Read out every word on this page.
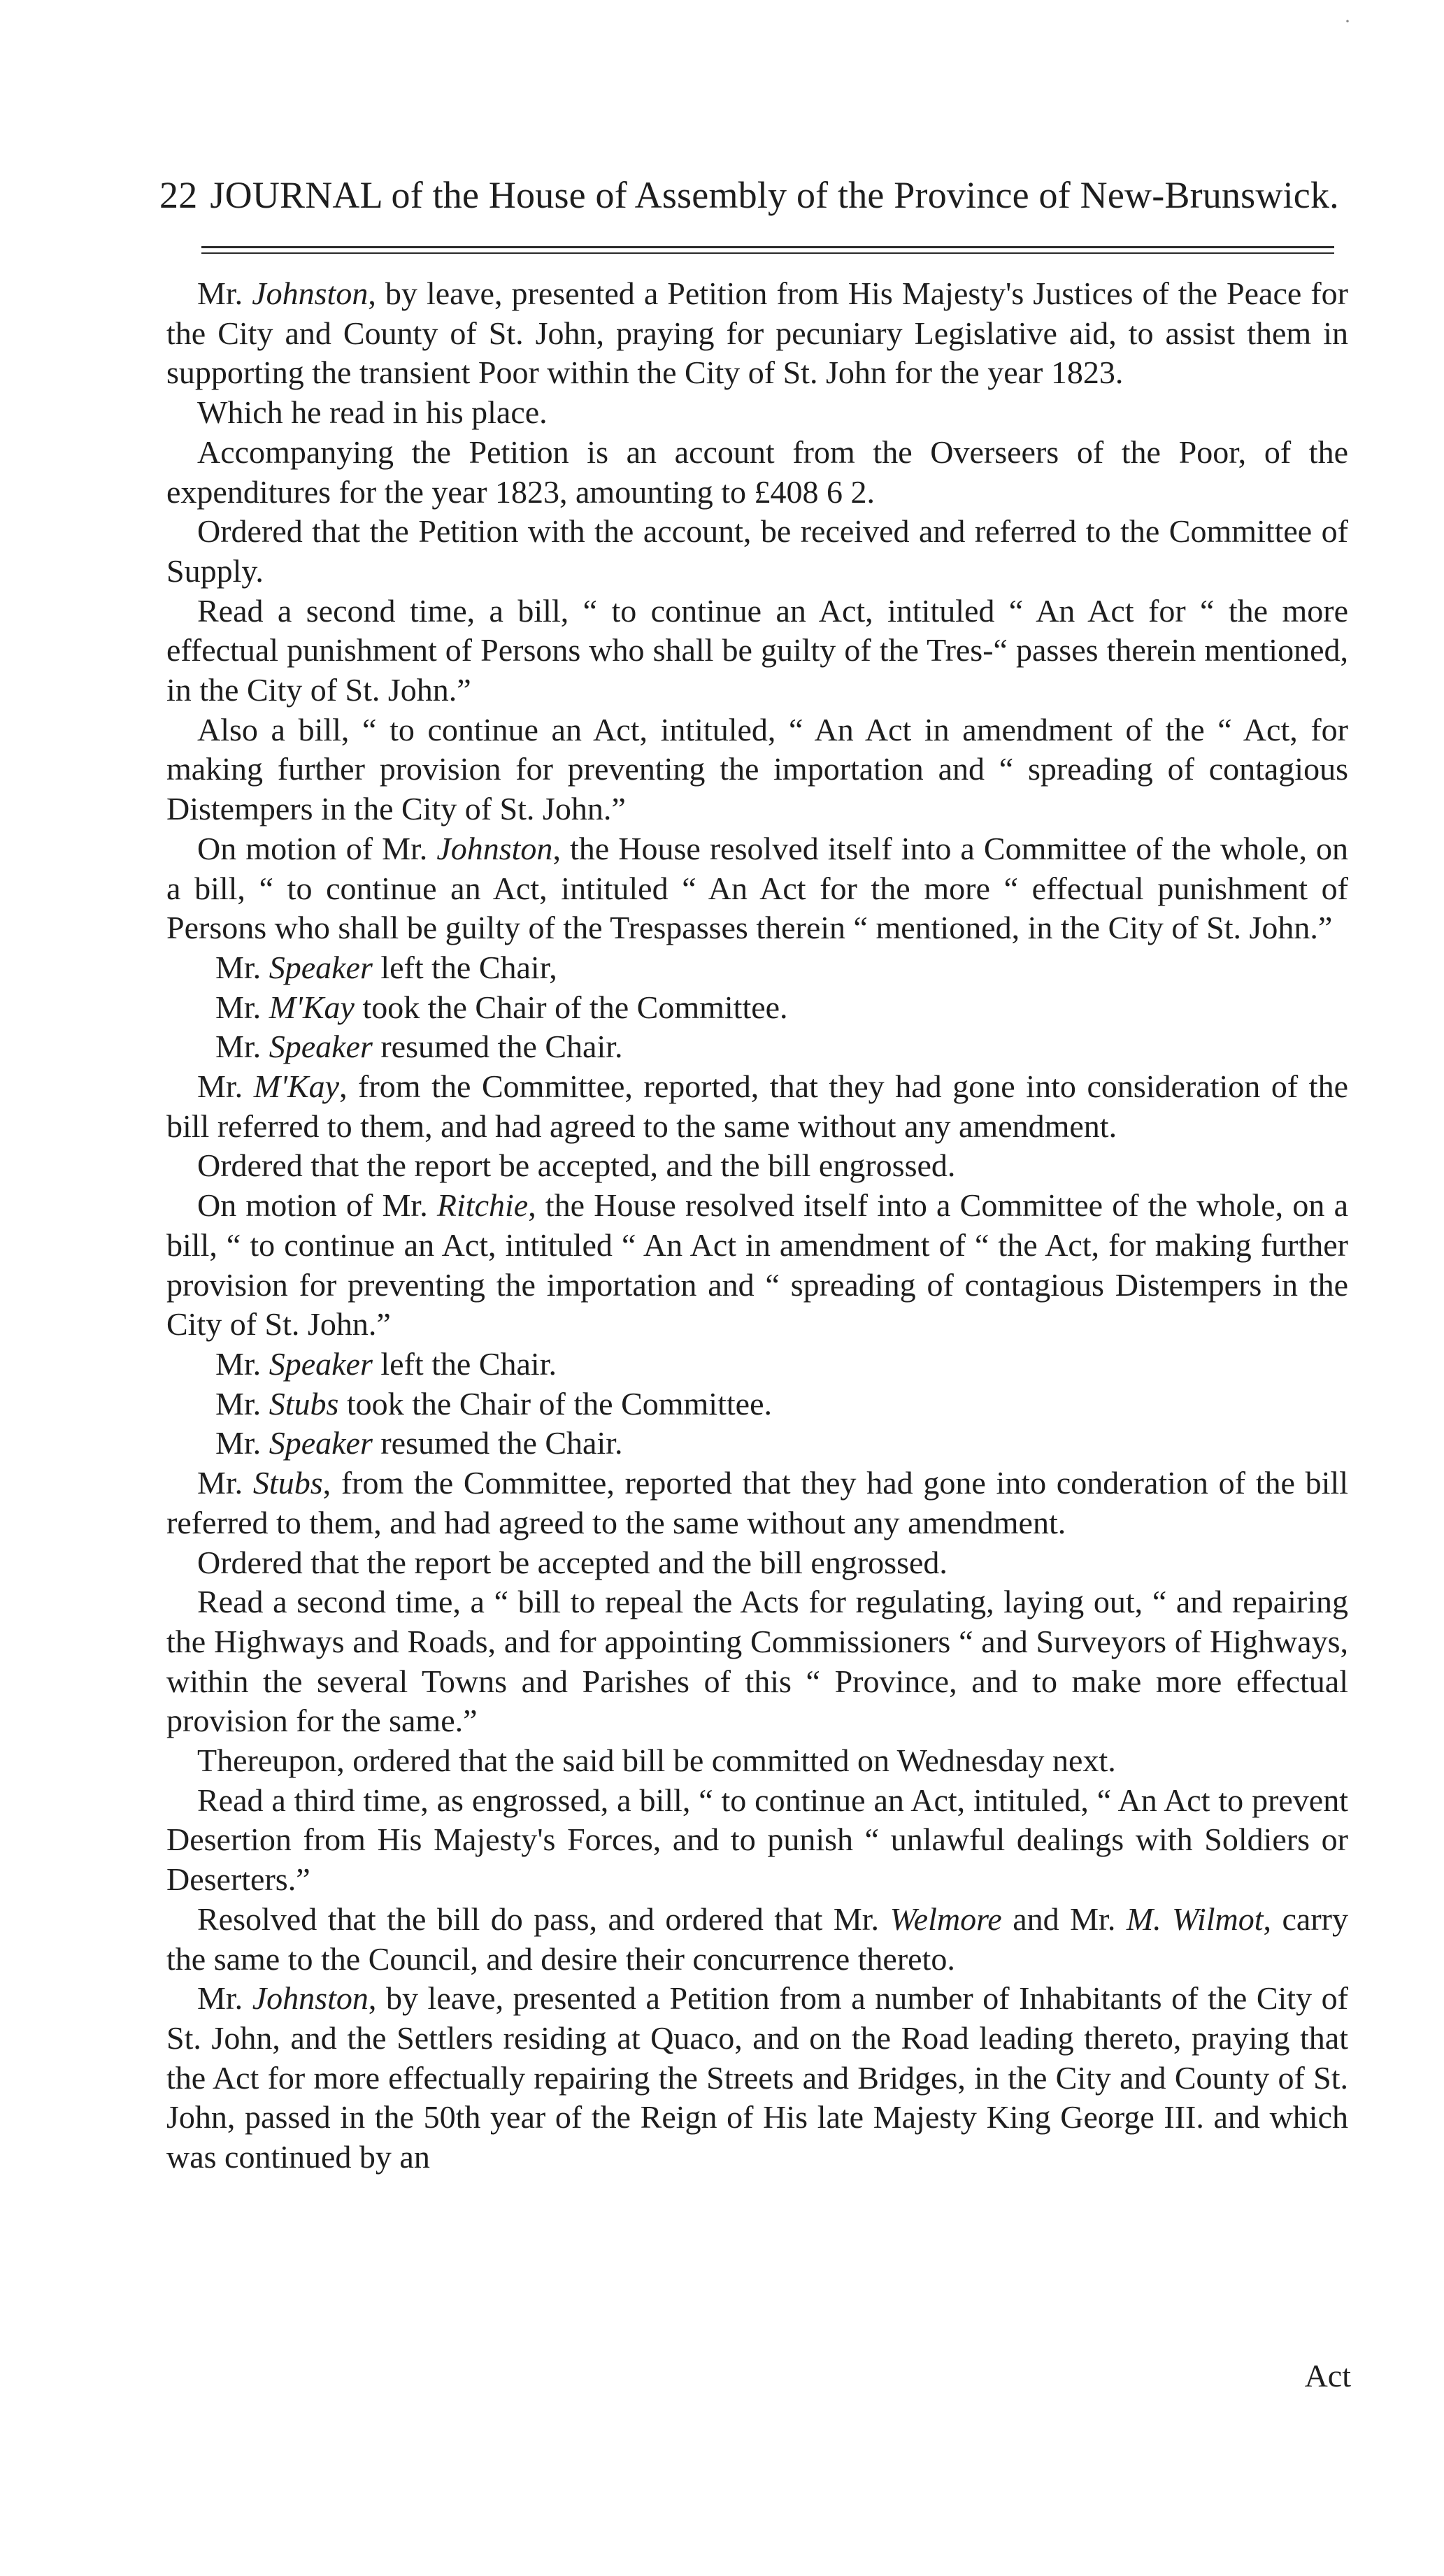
·
22 JOURNAL of the House of Assembly of the Province of New-Brunswick.

Mr. Johnston, by leave, presented a Petition from His Majesty's Justices of the Peace for the City and County of St. John, praying for pecuniary Legislative aid, to assist them in supporting the transient Poor within the City of St. John for the year 1823.

Which he read in his place.

Accompanying the Petition is an account from the Overseers of the Poor, of the expenditures for the year 1823, amounting to £408 6 2.

Ordered that the Petition with the account, be received and referred to the Committee of Supply.

Read a second time, a bill, “ to continue an Act, intituled “ An Act for “ the more effectual punishment of Persons who shall be guilty of the Tres-“ passes therein mentioned, in the City of St. John.”

Also a bill, “ to continue an Act, intituled, “ An Act in amendment of the “ Act, for making further provision for preventing the importation and “ spreading of contagious Distempers in the City of St. John.”

On motion of Mr. Johnston, the House resolved itself into a Committee of the whole, on a bill, “ to continue an Act, intituled “ An Act for the more “ effectual punishment of Persons who shall be guilty of the Trespasses therein “ mentioned, in the City of St. John.”

Mr. Speaker left the Chair,

Mr. M'Kay took the Chair of the Committee.

Mr. Speaker resumed the Chair.

Mr. M'Kay, from the Committee, reported, that they had gone into consideration of the bill referred to them, and had agreed to the same without any amendment.

Ordered that the report be accepted, and the bill engrossed.

On motion of Mr. Ritchie, the House resolved itself into a Committee of the whole, on a bill, “ to continue an Act, intituled “ An Act in amendment of “ the Act, for making further provision for preventing the importation and “ spreading of contagious Distempers in the City of St. John.”

Mr. Speaker left the Chair.

Mr. Stubs took the Chair of the Committee.

Mr. Speaker resumed the Chair.

Mr. Stubs, from the Committee, reported that they had gone into conderation of the bill referred to them, and had agreed to the same without any amendment.

Ordered that the report be accepted and the bill engrossed.

Read a second time, a “ bill to repeal the Acts for regulating, laying out, “ and repairing the Highways and Roads, and for appointing Commissioners “ and Surveyors of Highways, within the several Towns and Parishes of this “ Province, and to make more effectual provision for the same.”

Thereupon, ordered that the said bill be committed on Wednesday next.

Read a third time, as engrossed, a bill, “ to continue an Act, intituled, “ An Act to prevent Desertion from His Majesty's Forces, and to punish “ unlawful dealings with Soldiers or Deserters.”

Resolved that the bill do pass, and ordered that Mr. Welmore and Mr. M. Wilmot, carry the same to the Council, and desire their concurrence thereto.

Mr. Johnston, by leave, presented a Petition from a number of Inhabitants of the City of St. John, and the Settlers residing at Quaco, and on the Road leading thereto, praying that the Act for more effectually repairing the Streets and Bridges, in the City and County of St. John, passed in the 50th year of the Reign of His late Majesty King George III. and which was continued by an

Act
